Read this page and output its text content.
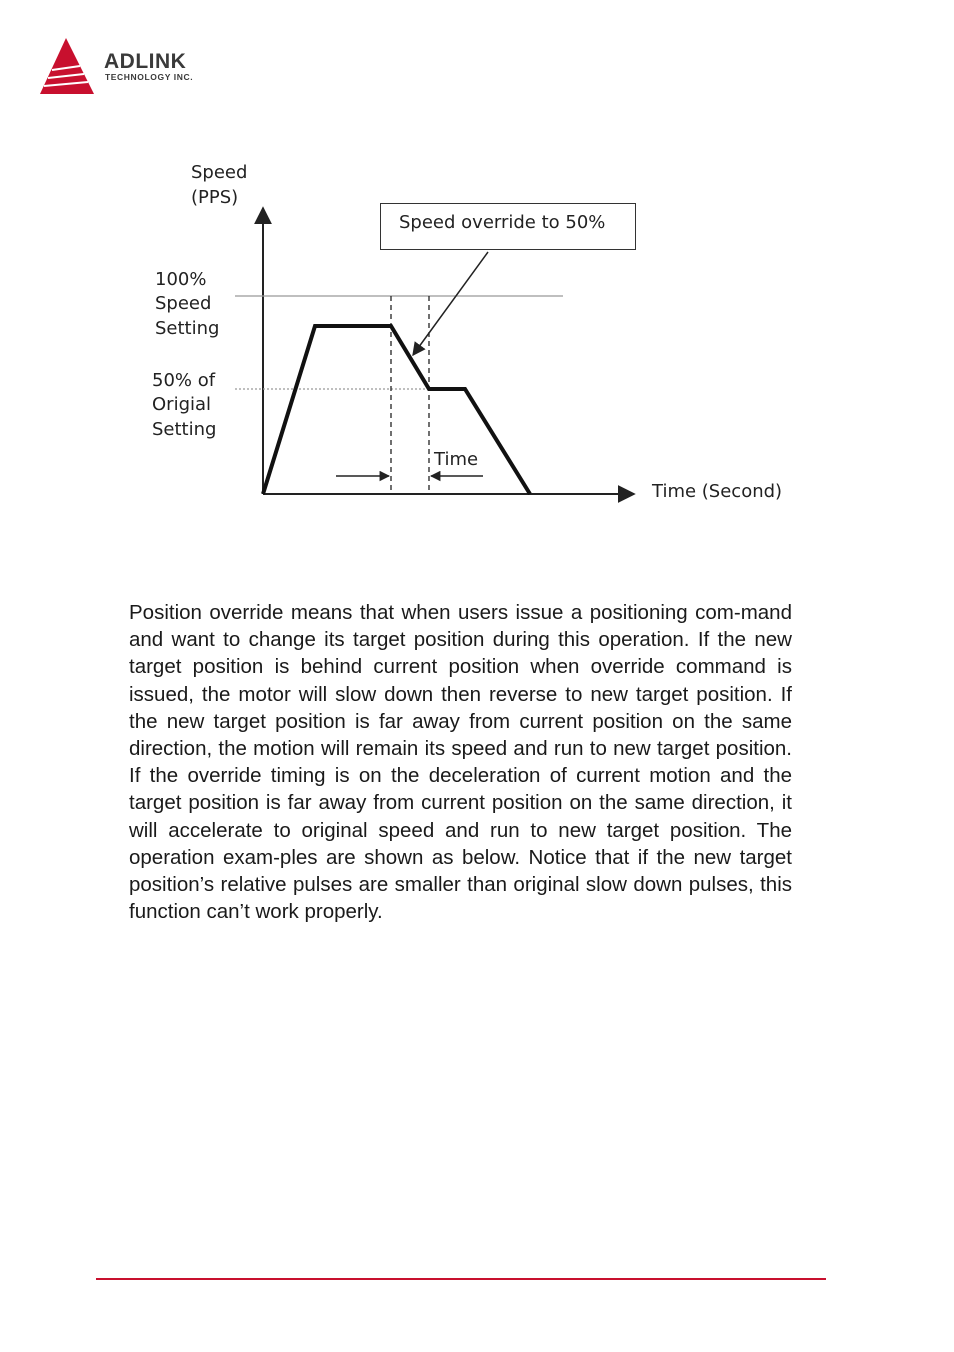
ADLINK
TECHNOLOGY INC.
Speed
(PPS)
100%
Speed
Setting
50% of
Origial
Setting
Speed override to 50%
Time
Time (Second)

Position override means that when users issue a positioning com-mand and want to change its target position during this operation. If the new target position is behind current position when override command is issued, the motor will slow down then reverse to new target position. If the new target position is far away from current position on the same direction, the motion will remain its speed and run to new target position. If the override timing is on the deceleration of current motion and the target position is far away from current position on the same direction, it will accelerate to original speed and run to new target position. The operation exam-ples are shown as below. Notice that if the new target position’s relative pulses are smaller than original slow down pulses, this function can’t work properly.
